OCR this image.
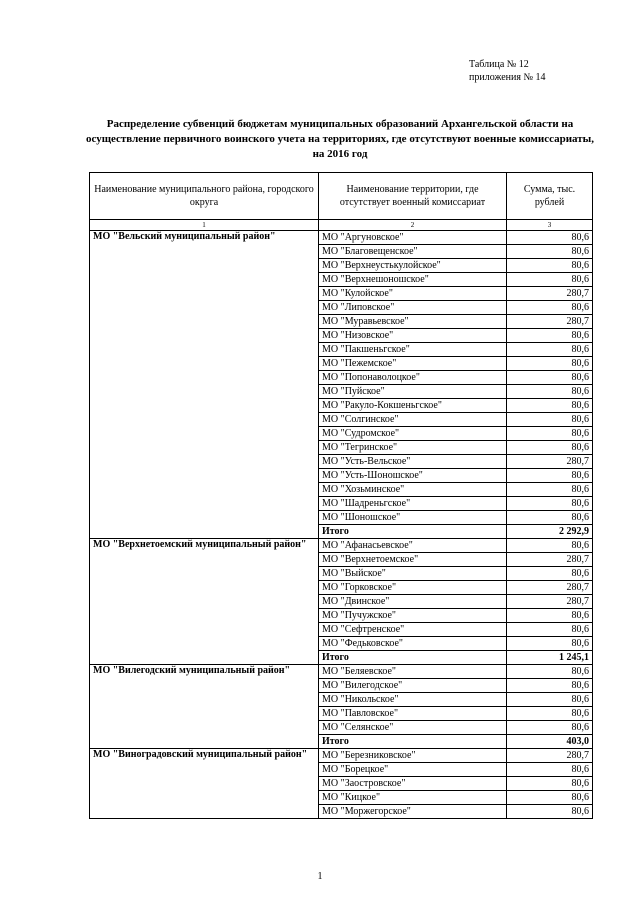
Таблица № 12
приложения № 14
Распределение субвенций бюджетам муниципальных образований Архангельской области на осуществление первичного воинского учета на территориях, где отсутствуют военные комиссариаты, на 2016 год
Наименование муниципального района, городского округа	Наименование территории, где отсутствует военный комиссариат	Сумма, тыс. рублей
1	2	3
МО "Вельский муниципальный район"	МО "Аргуновское"	80,6
	МО "Благовещенское"	80,6
	МО "Верхнеустькулойское"	80,6
	МО "Верхнешоношское"	80,6
	МО "Кулойское"	280,7
	МО "Липовское"	80,6
	МО "Муравьевское"	280,7
	МО "Низовское"	80,6
	МО "Пакшеньгское"	80,6
	МО "Пежемское"	80,6
	МО "Попонаволоцкое"	80,6
	МО "Пуйское"	80,6
	МО "Ракуло-Кокшеньгское"	80,6
	МО "Солгинское"	80,6
	МО "Судромское"	80,6
	МО "Тегринское"	80,6
	МО "Усть-Вельское"	280,7
	МО "Усть-Шоношское"	80,6
	МО "Хозьминское"	80,6
	МО "Шадреньгское"	80,6
	МО "Шоношское"	80,6
	Итого	2 292,9
МО "Верхнетоемский муниципальный район"	МО "Афанасьевское"	80,6
	МО "Верхнетоемское"	280,7
	МО "Выйское"	80,6
	МО "Горковское"	280,7
	МО "Двинское"	280,7
	МО "Пучужское"	80,6
	МО "Сефтренское"	80,6
	МО "Федьковское"	80,6
	Итого	1 245,1
МО "Вилегодский муниципальный район"	МО "Беляевское"	80,6
	МО "Вилегодское"	80,6
	МО "Никольское"	80,6
	МО "Павловское"	80,6
	МО "Селянское"	80,6
	Итого	403,0
МО "Виноградовский муниципальный район"	МО "Березниковское"	280,7
	МО "Борецкое"	80,6
	МО "Заостровское"	80,6
	МО "Кицкое"	80,6
	МО "Моржегорское"	80,6
1
